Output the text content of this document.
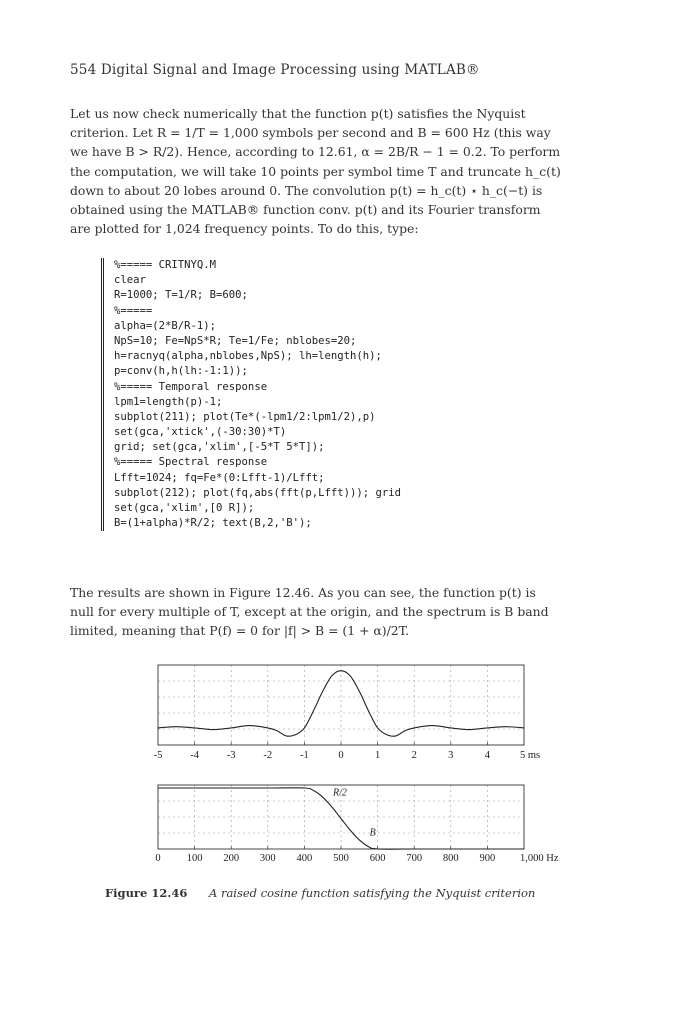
554 Digital Signal and Image Processing using MATLAB®
Let us now check numerically that the function p(t) satisfies the Nyquist
criterion. Let R = 1/T = 1,000 symbols per second and B = 600 Hz (this way
we have B > R/2). Hence, according to 12.61, α = 2B/R − 1 = 0.2. To perform
the computation, we will take 10 points per symbol time T and truncate h_c(t)
down to about 20 lobes around 0. The convolution p(t) = h_c(t) ⋆ h_c(−t) is
obtained using the MATLAB® function conv. p(t) and its Fourier transform
are plotted for 1,024 frequency points. To do this, type:
%===== CRITNYQ.M
clear
R=1000; T=1/R; B=600;
%=====
alpha=(2*B/R-1);
NpS=10; Fe=NpS*R; Te=1/Fe; nblobes=20;
h=racnyq(alpha,nblobes,NpS); lh=length(h);
p=conv(h,h(lh:-1:1));
%===== Temporal response
lpm1=length(p)-1;
subplot(211); plot(Te*(-lpm1/2:lpm1/2),p)
set(gca,'xtick',(-30:30)*T)
grid; set(gca,'xlim',[-5*T 5*T]);
%===== Spectral response
Lfft=1024; fq=Fe*(0:Lfft-1)/Lfft;
subplot(212); plot(fq,abs(fft(p,Lfft))); grid
set(gca,'xlim',[0 R]);
B=(1+alpha)*R/2; text(B,2,'B');
The results are shown in Figure 12.46. As you can see, the function p(t) is
null for every multiple of T, except at the origin, and the spectrum is B band
limited, meaning that P(f) = 0 for |f| > B = (1 + α)/2T.
-5	-4	-3	-2	-1	0	1	2	3	4	5 ms
0 100 200 300 400 500 600 700 800 900 1,000 Hz
R/2
B
Figure 12.46 A raised cosine function satisfying the Nyquist criterion
